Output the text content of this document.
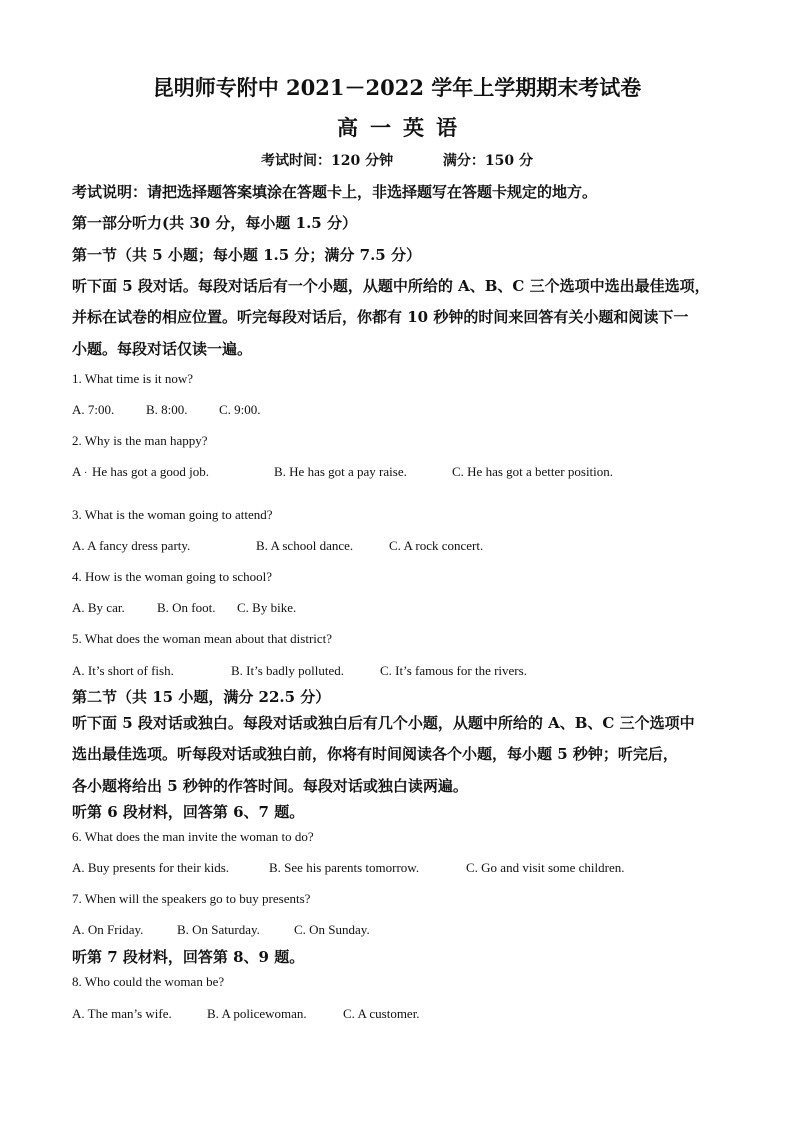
昆明师专附中 2021－2022 学年上学期期末考试卷
高一英语
考试时间：120 分钟	满分：150 分
考试说明：请把选择题答案填涂在答题卡上，非选择题写在答题卡规定的地方。
第一部分听力(共 30 分，每小题 1.5 分）
第一节（共 5 小题；每小题 1.5 分；满分 7.5 分）
听下面 5 段对话。每段对话后有一个小题，从题中所给的 A、B、C 三个选项中选出最佳选项，
并标在试卷的相应位置。听完每段对话后，你都有 10 秒钟的时间来回答有关小题和阅读下一
小题。每段对话仅读一遍。
1. What time is it now?
A. 7:00. B. 8:00. C. 9:00.
2. Why is the man happy?
A · He has got a good job.	B. He has got a pay raise.	C. He has got a better position.
3. What is the woman going to attend?
A. A fancy dress party.	B. A school dance.	C. A rock concert.
4. How is the woman going to school?
A. By car. B. On foot. C. By bike.
5. What does the woman mean about that district?
A. It’s short of fish.	B. It’s badly polluted.	C. It’s famous for the rivers.
第二节（共 15 小题，满分 22.5 分）
听下面 5 段对话或独白。每段对话或独白后有几个小题，从题中所给的 A、B、C 三个选项中
选出最佳选项。听每段对话或独白前，你将有时间阅读各个小题，每小题 5 秒钟；听完后，
各小题将给出 5 秒钟的作答时间。每段对话或独白读两遍。
听第 6 段材料，回答第 6、7 题。
6. What does the man invite the woman to do?
A. Buy presents for their kids.	B. See his parents tomorrow.	C. Go and visit some children.
7. When will the speakers go to buy presents?
A. On Friday.	B. On Saturday.	C. On Sunday.
听第 7 段材料，回答第 8、9 题。
8. Who could the woman be?
A. The man’s wife.	B. A policewoman.	C. A customer.
